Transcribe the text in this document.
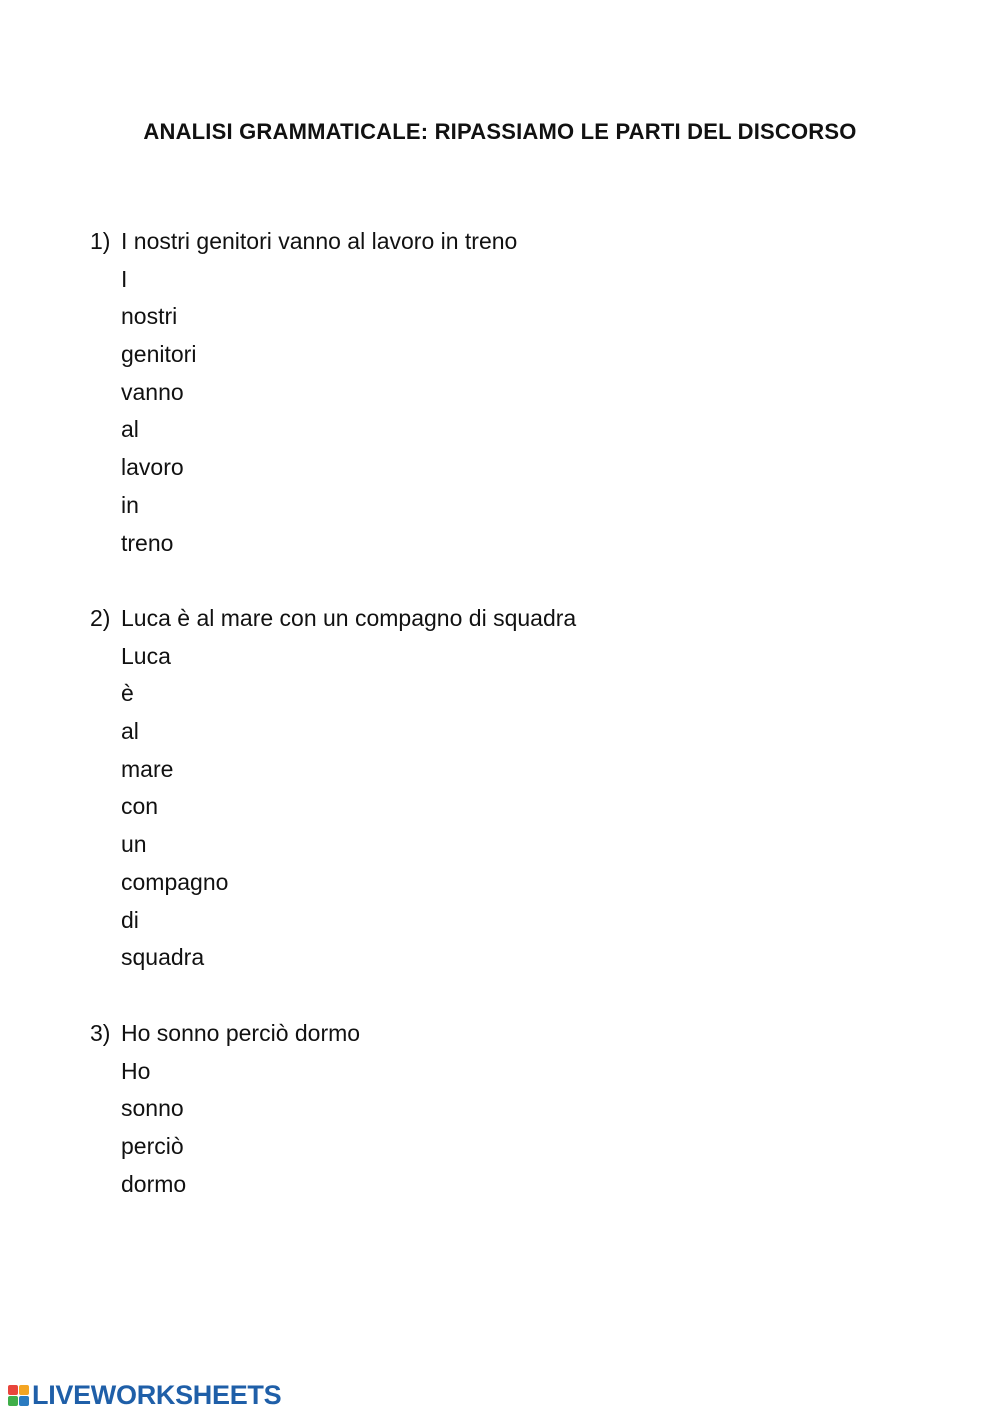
ANALISI GRAMMATICALE: RIPASSIAMO LE PARTI DEL DISCORSO
1) I nostri genitori vanno al lavoro in treno
I
nostri
genitori
vanno
al
lavoro
in
treno
2) Luca è al mare con un compagno di squadra
Luca
è
al
mare
con
un
compagno
di
squadra
3) Ho sonno perciò dormo
Ho
sonno
perciò
dormo
LIVEWORKSHEETS
